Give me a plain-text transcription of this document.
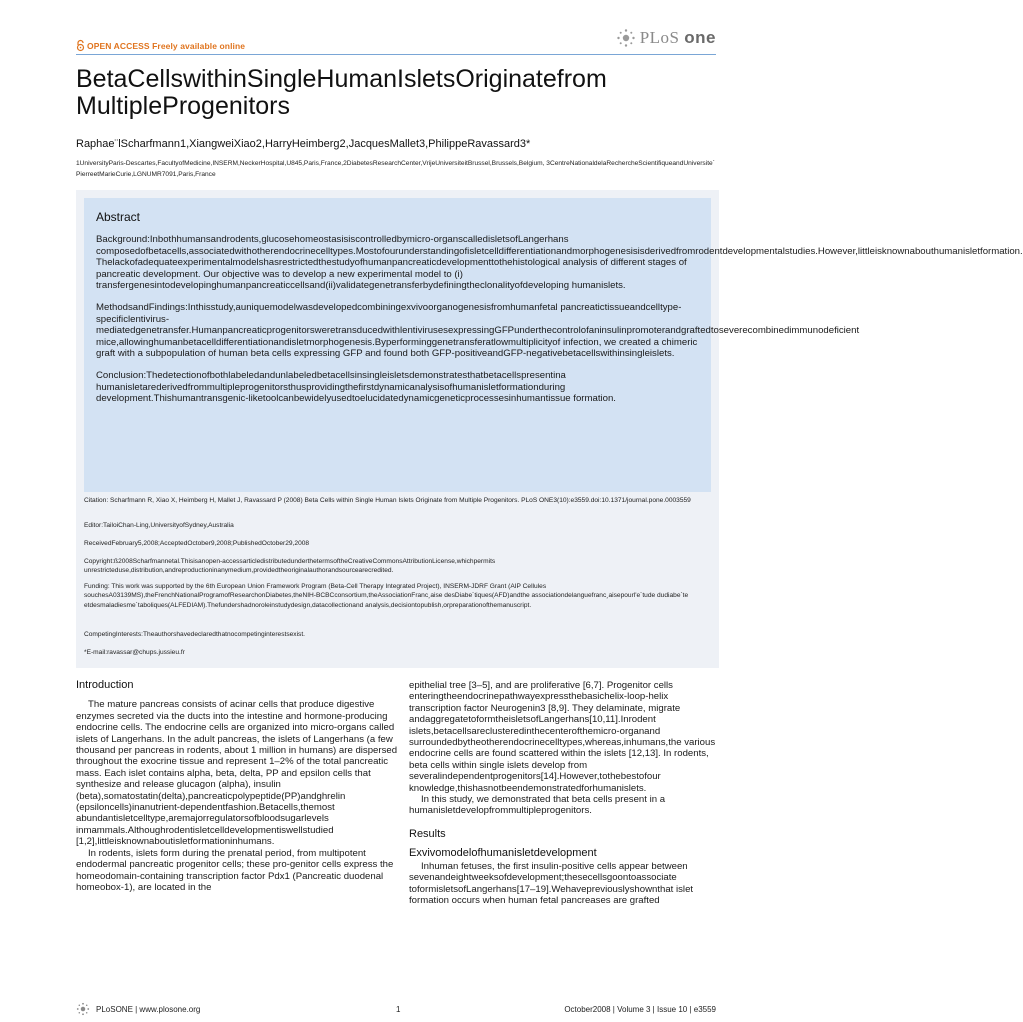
OPEN ACCESS Freely available online	PLoS one
BetaCellswithinSingleHumanIsletsOriginatefrom MultipleProgenitors
Raphae¨lScharfmann1,XiangweiXiao2,HarryHeimberg2,JacquesMallet3,PhilippeRavassard3*
1UniversityParis-Descartes,FacultyofMedicine,INSERM,NeckerHospital,U845,Paris,France,2DiabetesResearchCenter,VrijeUniversiteitBrussel,Brussels,Belgium, 3CentreNationaldelaRechercheScientifiqueandUniversite´ PierreetMarieCurie,LGNUMR7091,Paris,France
Abstract

Background:Inbothhumansandrodents,glucosehomeostasisiscontrolledbymicro-organscalledisletsofLangerhans composedofbetacells,associatedwithotherendocrinecelltypes.Mostofourunderstandingofisletcelldifferentiationandmorphogenesisisderivedfromrodentdevelopmentalstudies.However,littleisknownabouthumanisletformation. Thelackofadequateexperimentalmodelshasrestrictedthestudyofhumanpancreaticdevelopmenttothehistological analysis of different stages of pancreatic development. Our objective was to develop a new experimental model to (i) transfergenesintodevelopinghumanpancreaticcellsand(ii)validategenetransferbydefiningtheclonalityofdeveloping humanislets.

MethodsandFindings:Inthisstudy,auniquemodelwasdevelopedcombiningexvivoorganogenesisfromhumanfetal pancreatictissueandcelltype-specificlentivirus-mediatedgenetransfer.HumanpancreaticprogenitorsweretransducedwithlentivirusesexpressingGFPunderthecontrolofaninsulinpromoterandgraftedtoseverecombinedimmunodeficient mice,allowinghumanbetacelldifferentiationandisletmorphogenesis.Byperforminggenetransferatlowmultiplicityof infection, we created a chimeric graft with a subpopulation of human beta cells expressing GFP and found both GFP-positiveandGFP-negativebetacellswithinsingleislets.

Conclusion:Thedetectionofbothlabeledandunlabeledbetacellsinsingleisletsdemonstratesthatbetacellspresentina humanisletarederivedfrommultipleprogenitorsthusprovidingthefirstdynamicanalysisofhumanisletformationduring development.Thishumantransgenic-liketoolcanbewidelyusedtoelucidatedynamicgeneticprocessesinhumantissue formation.

Citation: Scharfmann R, Xiao X, Heimberg H, Mallet J, Ravassard P (2008) Beta Cells within Single Human Islets Originate from Multiple Progenitors. PLoS ONE3(10):e3559.doi:10.1371/journal.pone.0003559
Editor:TailoiChan-Ling,UniversityofSydney,Australia
ReceivedFebruary5,2008;AcceptedOctober9,2008;PublishedOctober29,2008
Copyright:ß2008Scharfmannetal.Thisisanopen-accessarticledistributedunderthetermsoftheCreativeCommonsAttributionLicense,whichpermits unrestricteduse,distribution,andreproductioninanymedium,providedtheoriginalauthorandsourcearecredited.
Funding: This work was supported by the 6th European Union Framework Program (Beta-Cell Therapy Integrated Project), INSERM-JDRF Grant (AIP Cellules souchesA03139MS),theFrenchNationalProgramofResearchonDiabetes,theNIH-BCBCconsortium,theAssociationFranc¸aise desDiabe´tiques(AFD)andthe associationdelanguefranc¸aisepourl'e´tude dudiabe`te etdesmaladiesme´taboliques(ALFEDIAM).Thefundershadnoroleinstudydesign,datacollectionand analysis,decisiontopublish,orpreparationofthemanuscript.
CompetingInterests:Theauthorshavedeclaredthatnocompetinginterestsexist.
*E-mail:ravassar@chups.jussieu.fr
Introduction

The mature pancreas consists of acinar cells that produce digestive enzymes secreted via the ducts into the intestine and hormone-producing endocrine cells. The endocrine cells are organized into micro-organs called islets of Langerhans. In the adult pancreas, the islets of Langerhans (a few thousand per pancreas in rodents, about 1 million in humans) are dispersed throughout the exocrine tissue and represent 1–2% of the total pancreatic mass. Each islet contains alpha, beta, delta, PP and epsilon cells that synthesize and release glucagon (alpha), insulin (beta),somatostatin(delta),pancreaticpolypeptide(PP)andghrelin (epsiloncells)inanutrient-dependentfashion.Betacells,themost abundantisletcelltype,aremajorregulatorsofbloodsugarlevels inmammals.Althoughrodentisletcelldevelopmentiswellstudied [1,2],littleisknownaboutisletformationinhumans.

In rodents, islets form during the prenatal period, from multipotent endodermal pancreatic progenitor cells; these pro-genitor cells express the homeodomain-containing transcription factor Pdx1 (Pancreatic duodenal homeobox-1), are located in the

epithelial tree [3–5], and are proliferative [6,7]. Progenitor cells enteringtheendocrinepathwayexpressthebasichelix-loop-helix transcription factor Neurogenin3 [8,9]. They delaminate, migrate andaggregatetoformtheisletsofLangerhans[10,11].Inrodent islets,betacellsareclusteredinthecenterofthemicro-organand surroundedbytheotherendocrinecelltypes,whereas,inhumans,the various endocrine cells are found scattered within the islets [12,13]. In rodents, beta cells within single islets develop from severalindependentprogenitors[14].However,tothebestofour knowledge,thishasnotbeendemonstratedforhumanislets.

In this study, we demonstrated that beta cells present in a humanisletdevelopfrommultipleprogenitors.

Results
Exvivomodelofhumanisletdevelopment

Inhuman fetuses, the first insulin-positive cells appear between sevenandeightweeksofdevelopment;thesecellsgoontoassociate toformisletsofLangerhans[17–19].Wehavepreviouslyshownthat islet formation occurs when human fetal pancreases are grafted

PLoSONE | www.plosone.org	1	October2008 | Volume 3 | Issue 10 | e3559
